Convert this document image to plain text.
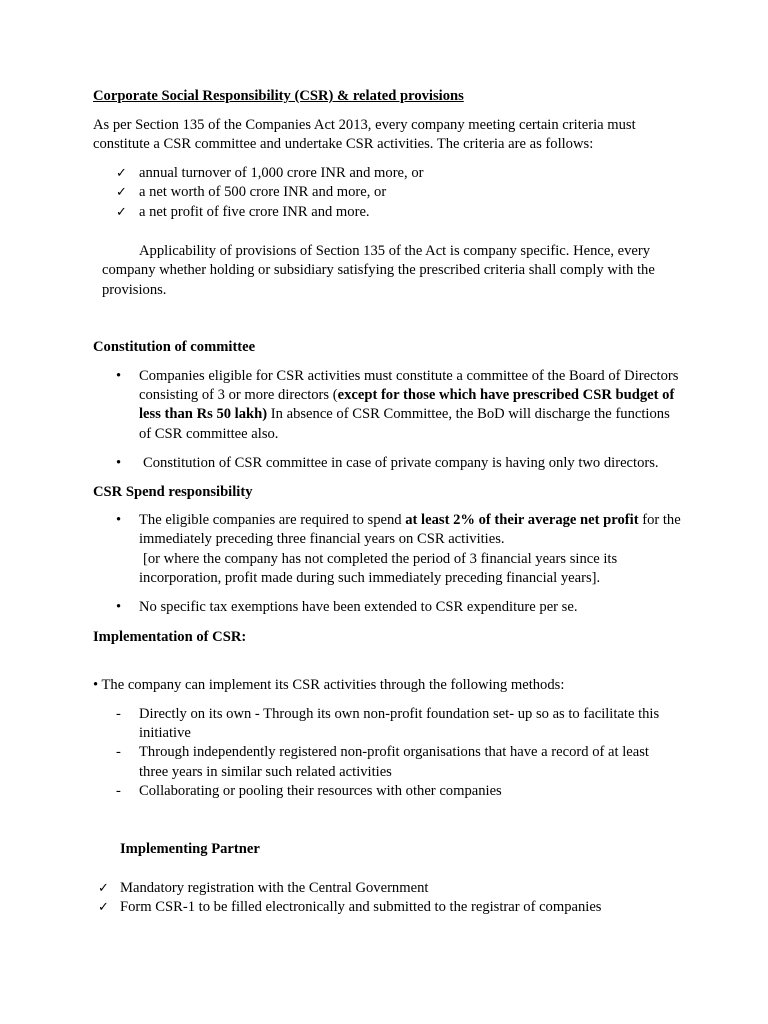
Corporate Social Responsibility (CSR) & related provisions
As per Section 135 of the Companies Act 2013, every company meeting certain criteria must
constitute a CSR committee and undertake CSR activities. The criteria are as follows:
✓ annual turnover of 1,000 crore INR and more, or
✓ a net worth of 500 crore INR and more, or
✓ a net profit of five crore INR and more.
Applicability of provisions of Section 135 of the Act is company specific. Hence, every
company whether holding or subsidiary satisfying the prescribed criteria shall comply with the
provisions.
Constitution of committee
• Companies eligible for CSR activities must constitute a committee of the Board of Directors
consisting of 3 or more directors (except for those which have prescribed CSR budget of
less than Rs 50 lakh) In absence of CSR Committee, the BoD will discharge the functions
of CSR committee also.
• Constitution of CSR committee in case of private company is having only two directors.
CSR Spend responsibility
• The eligible companies are required to spend at least 2% of their average net profit for the
immediately preceding three financial years on CSR activities.
[or where the company has not completed the period of 3 financial years since its
incorporation, profit made during such immediately preceding financial years].
• No specific tax exemptions have been extended to CSR expenditure per se.
Implementation of CSR:
• The company can implement its CSR activities through the following methods:
- Directly on its own - Through its own non-profit foundation set- up so as to facilitate this
initiative
- Through independently registered non-profit organisations that have a record of at least
three years in similar such related activities
- Collaborating or pooling their resources with other companies
Implementing Partner
✓ Mandatory registration with the Central Government
✓ Form CSR-1 to be filled electronically and submitted to the registrar of companies
